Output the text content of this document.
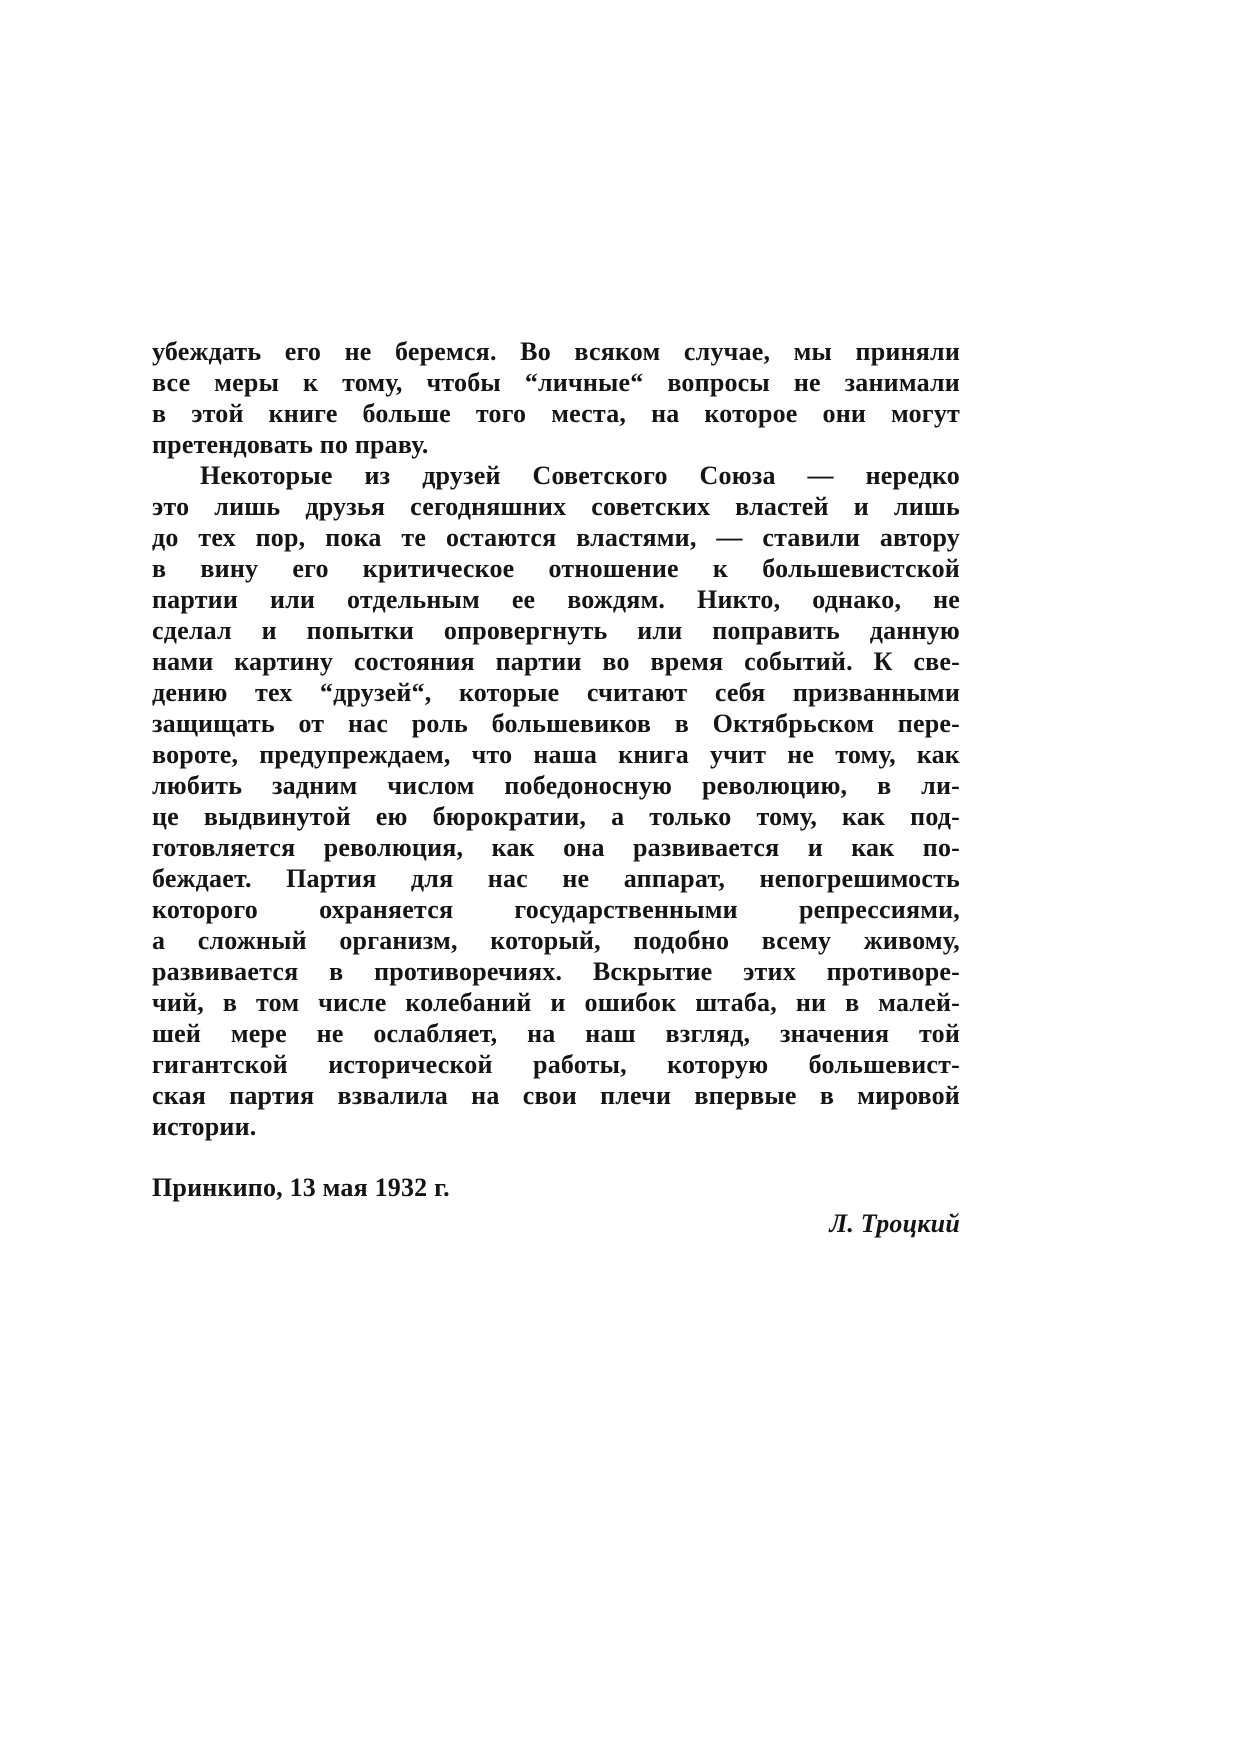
убеждать его не беремся. Во всяком случае, мы приняли
все меры к тому, чтобы “личные“ вопросы не занимали
в этой книге больше того места, на которое они могут
претендовать по праву.
Некоторые из друзей Советского Союза — нередко
это лишь друзья сегодняшних советских властей и лишь
до тех пор, пока те остаются властями, — ставили автору
в вину его критическое отношение к большевистской
партии или отдельным ее вождям. Никто, однако, не
сделал и попытки опровергнуть или поправить данную
нами картину состояния партии во время событий. К све-
дению тех “друзей“, которые считают себя призванными
защищать от нас роль большевиков в Октябрьском пере-
вороте, предупреждаем, что наша книга учит не тому, как
любить задним числом победоносную революцию, в ли-
це выдвинутой ею бюрократии, а только тому, как под-
готовляется революция, как она развивается и как по-
беждает. Партия для нас не аппарат, непогрешимость
которого охраняется государственными репрессиями,
а сложный организм, который, подобно всему живому,
развивается в противоречиях. Вскрытие этих противоре-
чий, в том числе колебаний и ошибок штаба, ни в малей-
шей мере не ослабляет, на наш взгляд, значения той
гигантской исторической работы, которую большевист-
ская партия взвалила на свои плечи впервые в мировой
истории.
Принкипо, 13 мая 1932 г.
Л. Троцкий
